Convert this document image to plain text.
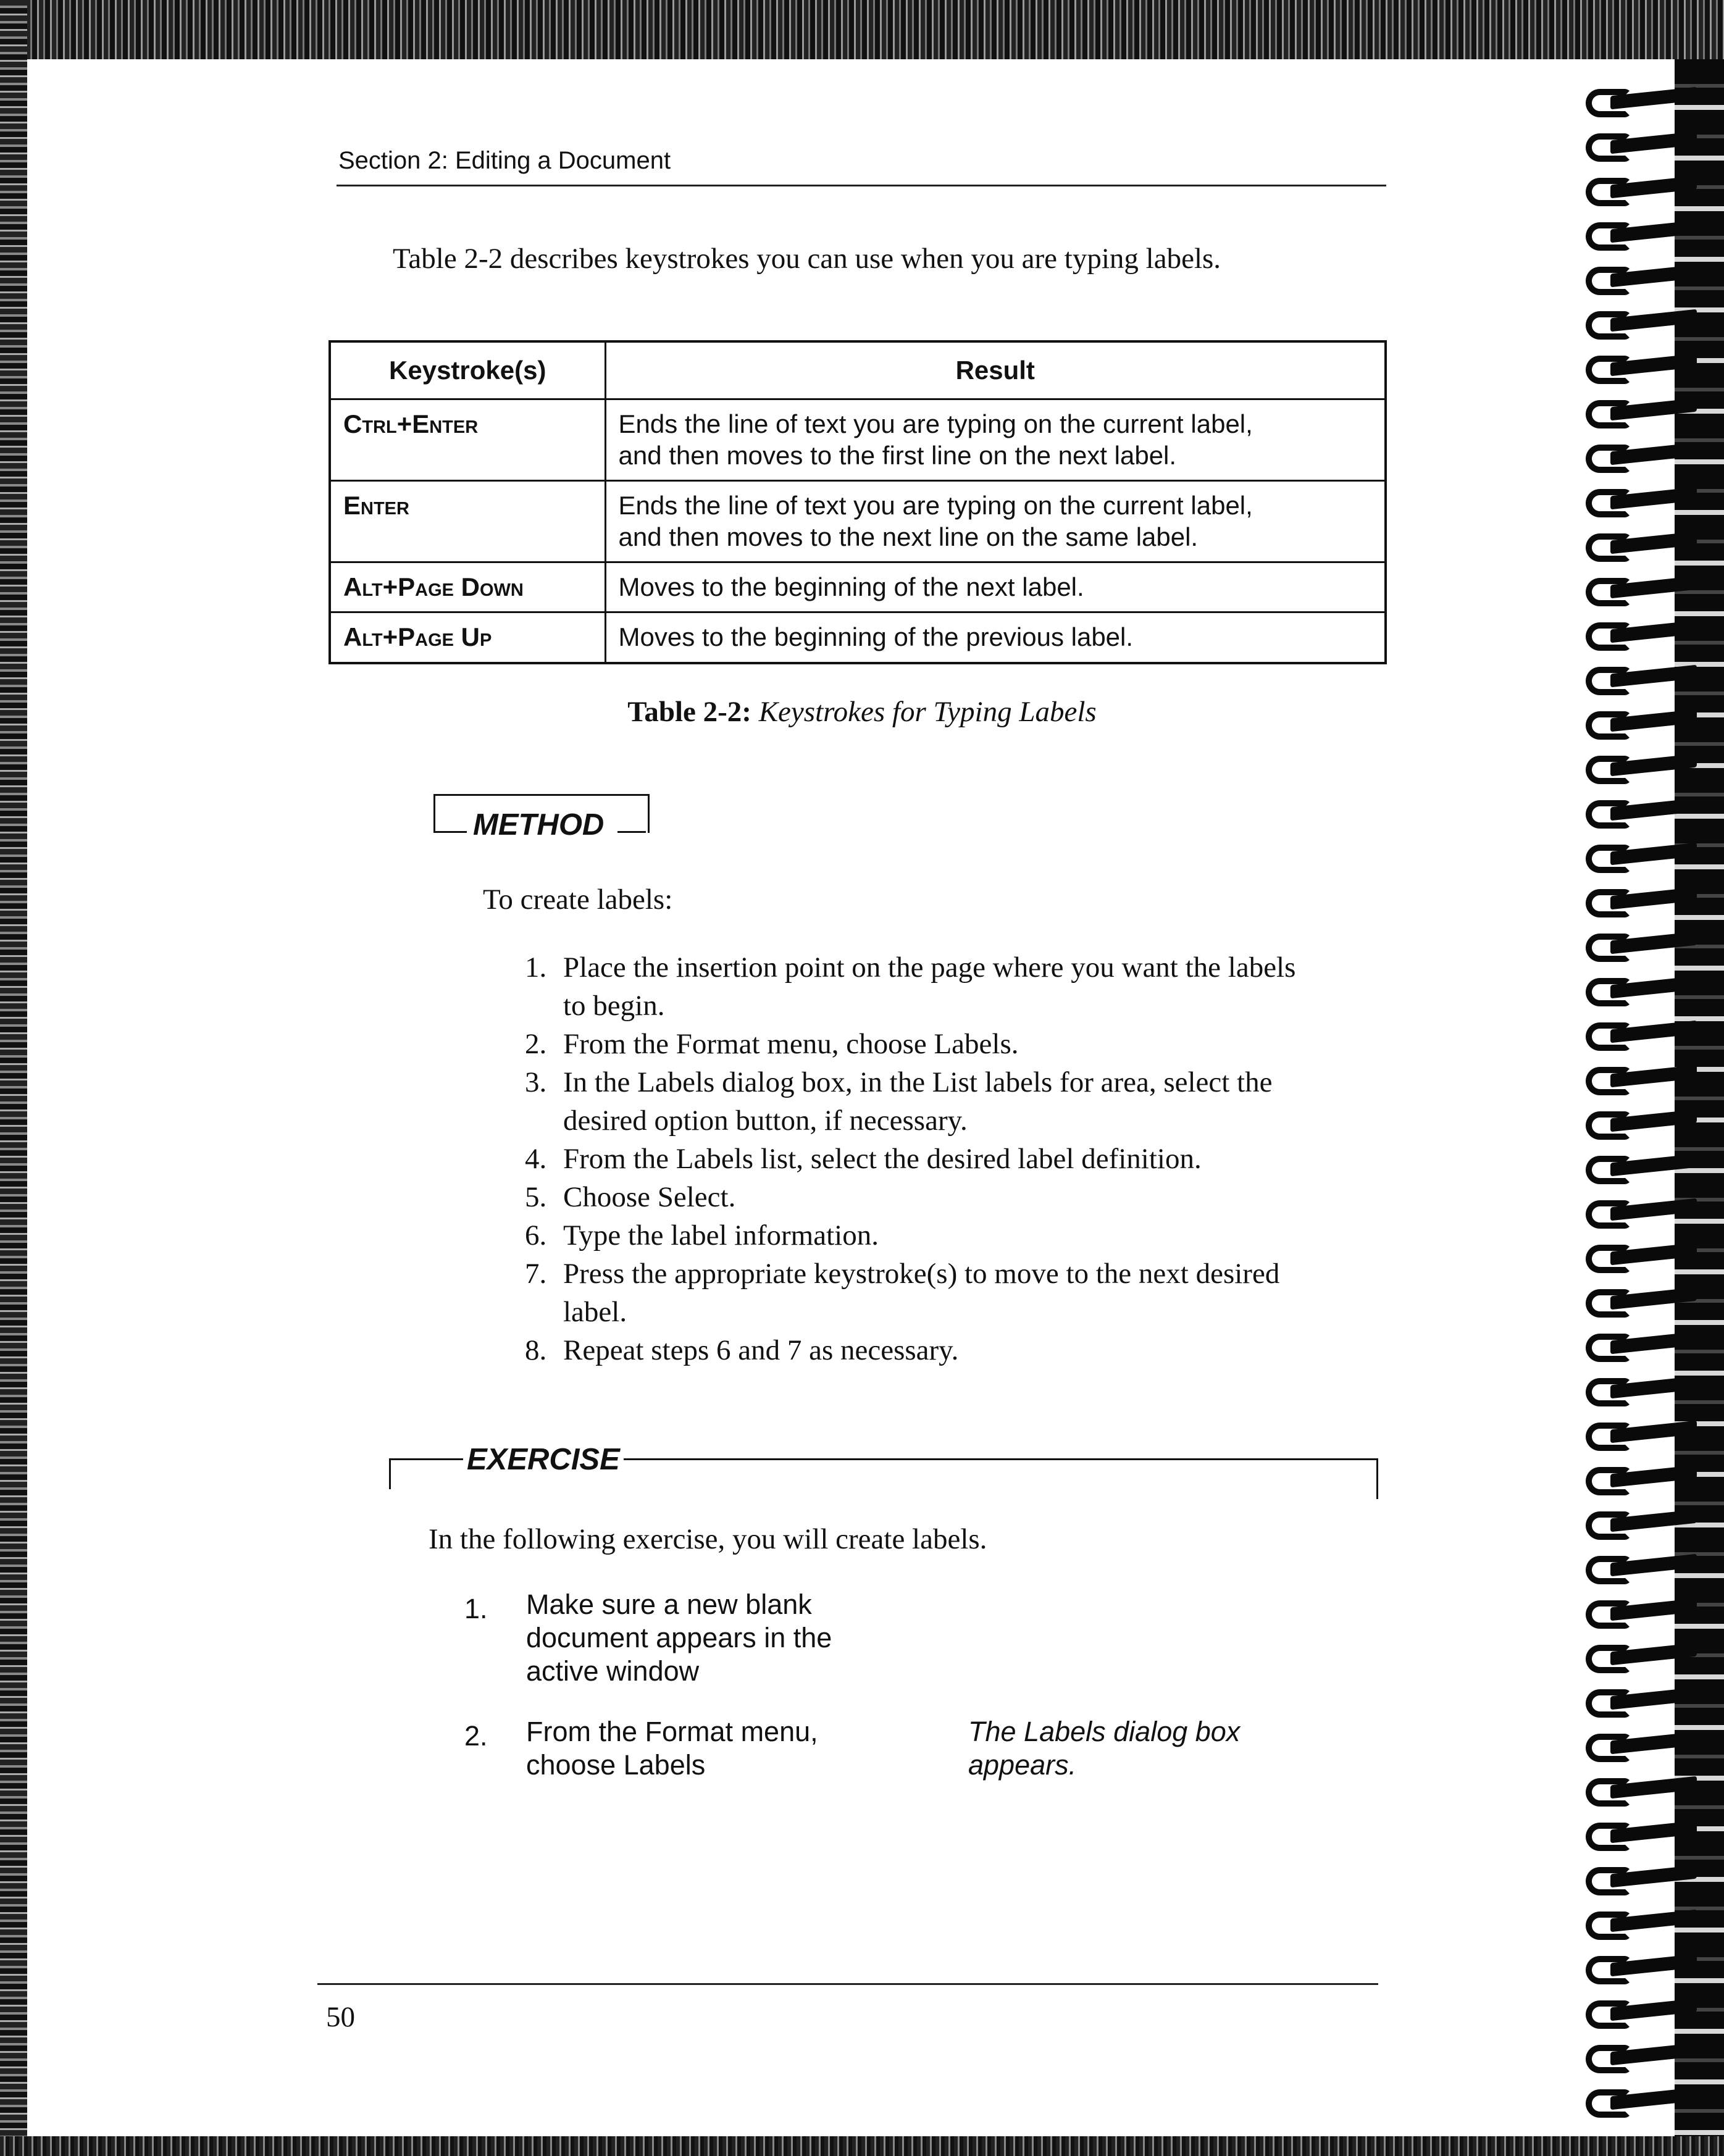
Section 2: Editing a Document
Table 2-2 describes keystrokes you can use when you are typing labels.
Keystroke(s)	Result
Ctrl+Enter	Ends the line of text you are typing on the current label,
and then moves to the first line on the next label.

Enter	Ends the line of text you are typing on the current label,
and then moves to the next line on the same label.

Alt+Page Down	Moves to the beginning of the next label.

Alt+Page Up	Moves to the beginning of the previous label.
Table 2-2: Keystrokes for Typing Labels
METHOD
To create labels:
1. Place the insertion point on the page where you want the labels
to begin.
2. From the Format menu, choose Labels.
3. In the Labels dialog box, in the List labels for area, select the
desired option button, if necessary.
4. From the Labels list, select the desired label definition.
5. Choose Select.
6. Type the label information.
7. Press the appropriate keystroke(s) to move to the next desired
label.
8. Repeat steps 6 and 7 as necessary.
EXERCISE
In the following exercise, you will create labels.
1. Make sure a new blank
document appears in the
active window
2. From the Format menu,
choose Labels
The Labels dialog box
appears.
50
